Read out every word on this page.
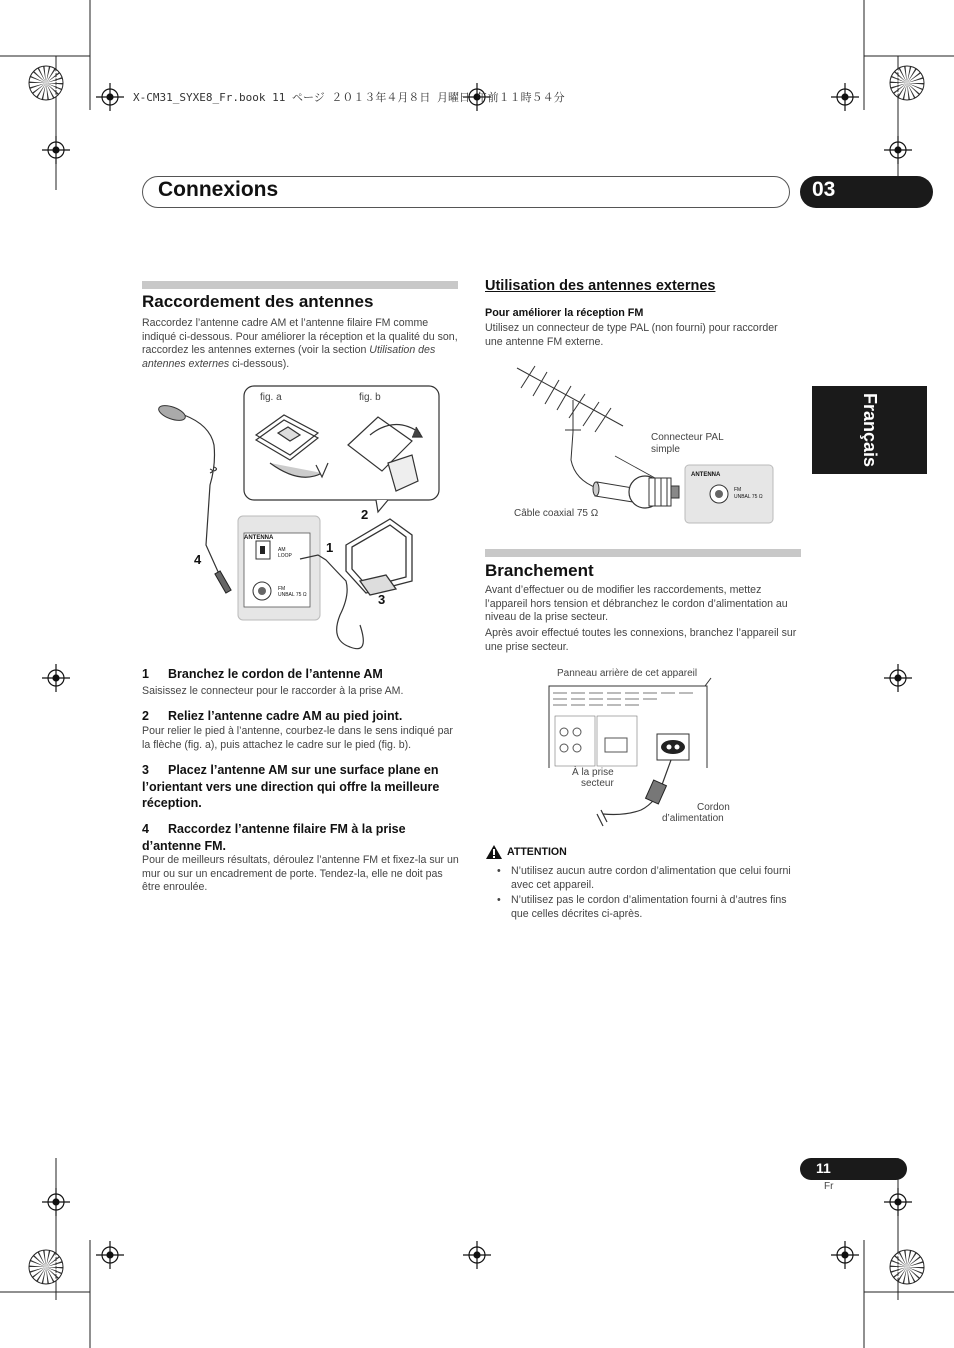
X-CM31_SYXE8_Fr.book 11 ページ ２０１３年４月８日 月曜日 午前１１時５４分
Connexions	03
Français
Raccordement des antennes
Raccordez l’antenne cadre AM et l’antenne filaire FM comme indiqué ci-dessous. Pour améliorer la réception et la qualité du son, raccordez les antennes externes (voir la section Utilisation des antennes externes ci-dessous).
fig. a	fig. b
1
2
3
4
ANTENNA
AM
LOOP
FM
UNBAL 75 Ω
1 Branchez le cordon de l’antenne AM
Saisissez le connecteur pour le raccorder à la prise AM.
2 Reliez l’antenne cadre AM au pied joint.
Pour relier le pied à l’antenne, courbez-le dans le sens indiqué par la flèche (fig. a), puis attachez le cadre sur le pied (fig. b).
3 Placez l’antenne AM sur une surface plane en l’orientant vers une direction qui offre la meilleure réception.
4 Raccordez l’antenne filaire FM à la prise d’antenne FM.
Pour de meilleurs résultats, déroulez l’antenne FM et fixez-la sur un mur ou sur un encadrement de porte. Tendez-la, elle ne doit pas être enroulée.
Utilisation des antennes externes
Pour améliorer la réception FM
Utilisez un connecteur de type PAL (non fourni) pour raccorder une antenne FM externe.
ANTENNA
FM
UNBAL 75 Ω
Connecteur PAL
simple
Câble coaxial 75 Ω
Branchement
Avant d’effectuer ou de modifier les raccordements, mettez l’appareil hors tension et débranchez le cordon d’alimentation au niveau de la prise secteur.
Après avoir effectué toutes les connexions, branchez l’appareil sur une prise secteur.
Panneau arrière de cet appareil
À la prise
secteur
Cordon
d’alimentation
ATTENTION
• N’utilisez aucun autre cordon d’alimentation que celui fourni avec cet appareil.
• N’utilisez pas le cordon d’alimentation fourni à d’autres fins que celles décrites ci-après.
11
Fr
